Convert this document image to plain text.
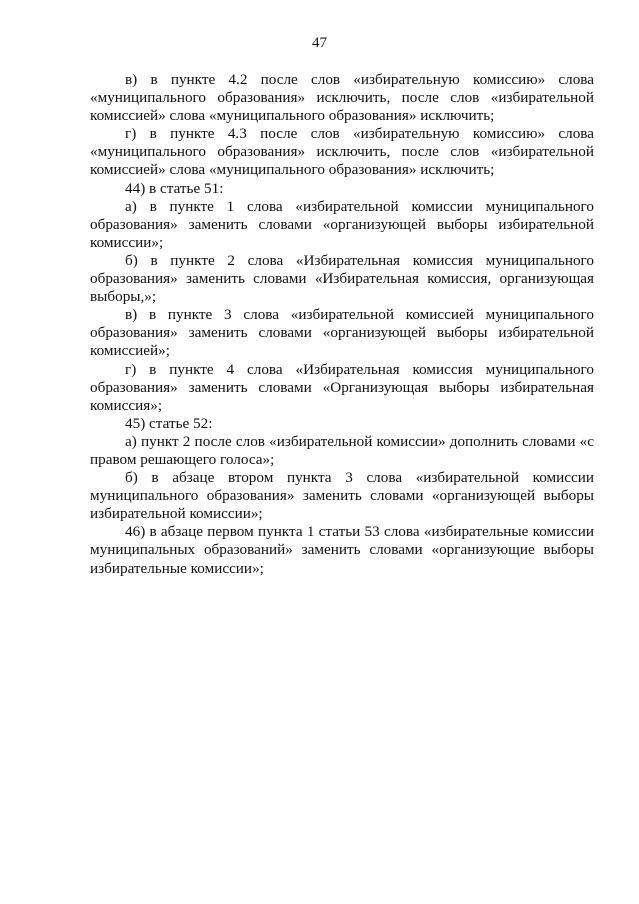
47

в) в пункте 4.2 после слов «избирательную комиссию» слова «муниципального образования» исключить, после слов «избирательной комиссией» слова «муниципального образования» исключить;

г) в пункте 4.3 после слов «избирательную комиссию» слова «муниципального образования» исключить, после слов «избирательной комиссией» слова «муниципального образования» исключить;

44) в статье 51:

а) в пункте 1 слова «избирательной комиссии муниципального образования» заменить словами «организующей выборы избирательной комиссии»;

б) в пункте 2 слова «Избирательная комиссия муниципального образования» заменить словами «Избирательная комиссия, организующая выборы,»;

в) в пункте 3 слова «избирательной комиссией муниципального образования» заменить словами «организующей выборы избирательной комиссией»;

г) в пункте 4 слова «Избирательная комиссия муниципального образования» заменить словами «Организующая выборы избирательная комиссия»;

45) статье 52:

а) пункт 2 после слов «избирательной комиссии» дополнить словами «с правом решающего голоса»;

б) в абзаце втором пункта 3 слова «избирательной комиссии муниципального образования» заменить словами «организующей выборы избирательной комиссии»;

46) в абзаце первом пункта 1 статьи 53 слова «избирательные комиссии муниципальных образований» заменить словами «организующие выборы избирательные комиссии»;
